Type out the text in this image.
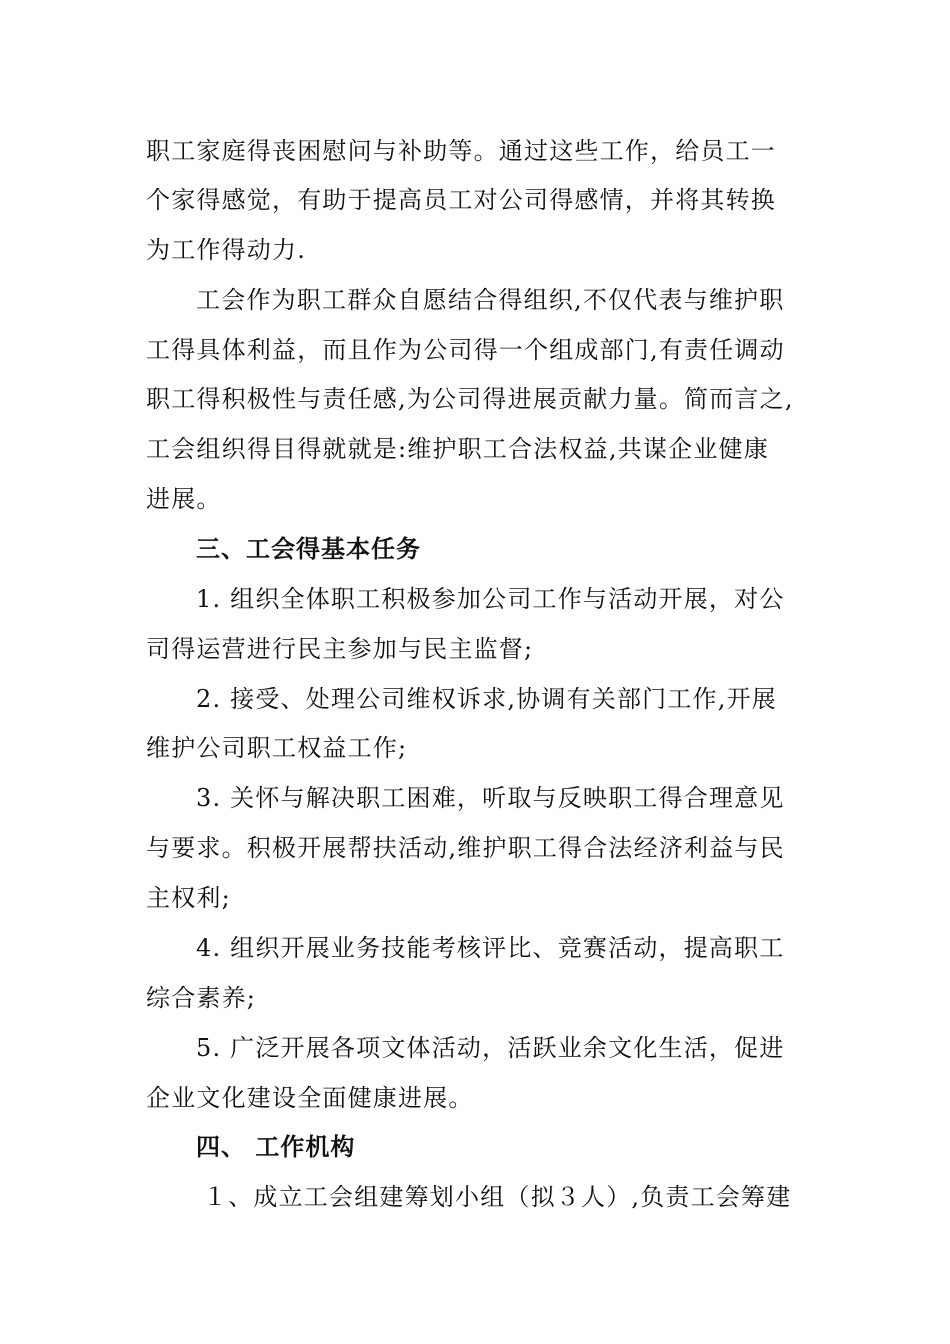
职工家庭得丧困慰问与补助等。通过这些工作，给员工一
个家得感觉，有助于提高员工对公司得感情，并将其转换
为工作得动力.
工会作为职工群众自愿结合得组织,不仅代表与维护职
工得具体利益，而且作为公司得一个组成部门,有责任调动
职工得积极性与责任感,为公司得进展贡献力量。简而言之,
工会组织得目得就就是:维护职工合法权益,共谋企业健康
进展。
三、工会得基本任务
1. 组织全体职工积极参加公司工作与活动开展，对公
司得运营进行民主参加与民主监督;
2. 接受、处理公司维权诉求,协调有关部门工作,开展
维护公司职工权益工作;
3. 关怀与解决职工困难，听取与反映职工得合理意见
与要求。积极开展帮扶活动,维护职工得合法经济利益与民
主权利;
4. 组织开展业务技能考核评比、竞赛活动，提高职工
综合素养;
5. 广泛开展各项文体活动，活跃业余文化生活，促进
企业文化建设全面健康进展。
四、 工作机构
１、成立工会组建筹划小组（拟３人）,负责工会筹建
